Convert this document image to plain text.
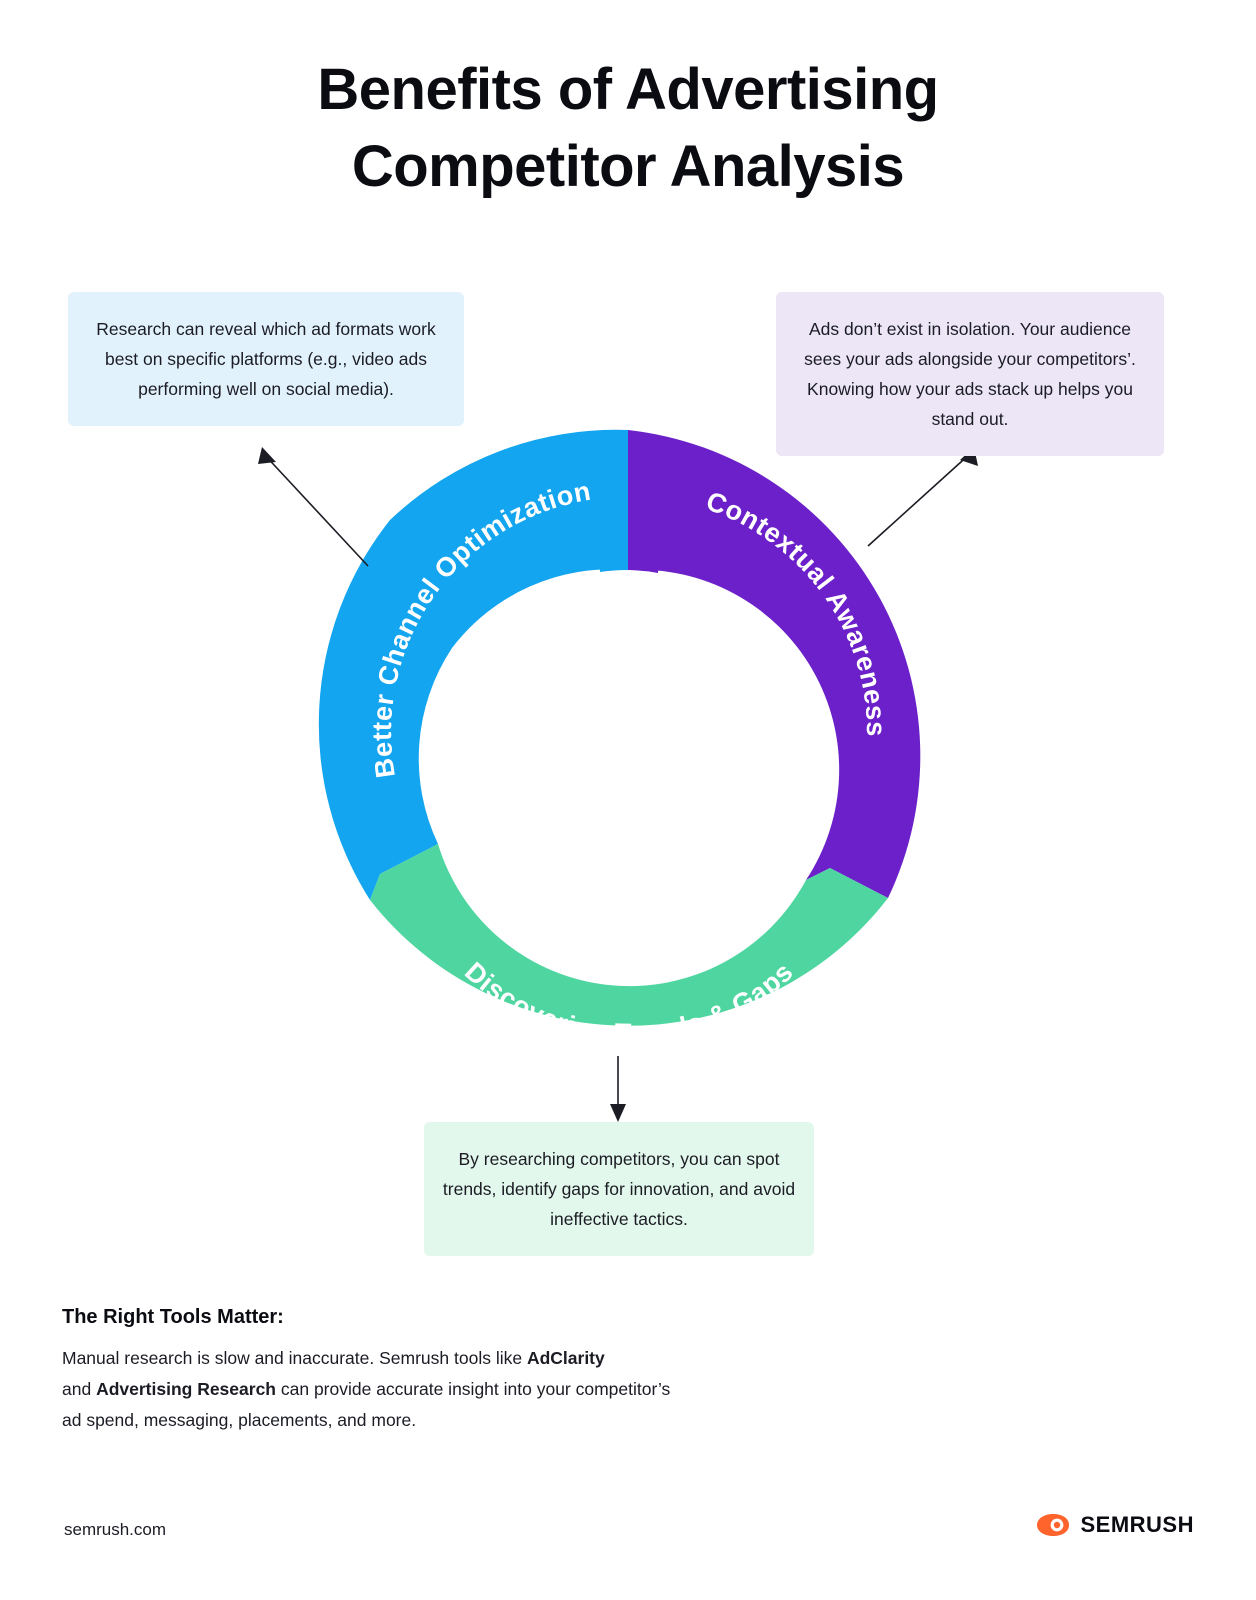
Benefits of Advertising
Competitor Analysis
Better Channel Optimization	Contextual Awareness
Discovering Trends & Gaps
Research can reveal which ad formats work best on specific platforms (e.g., video ads performing well on social media).
Ads don’t exist in isolation. Your audience sees your ads alongside your competitors’. Knowing how your ads stack up helps you stand out.
By researching competitors, you can spot trends, identify gaps for innovation, and avoid ineffective tactics.
The Right Tools Matter:
Manual research is slow and inaccurate. Semrush tools like AdClarity
and Advertising Research can provide accurate insight into your competitor’s
ad spend, messaging, placements, and more.
semrush.com	SEMRUSH
